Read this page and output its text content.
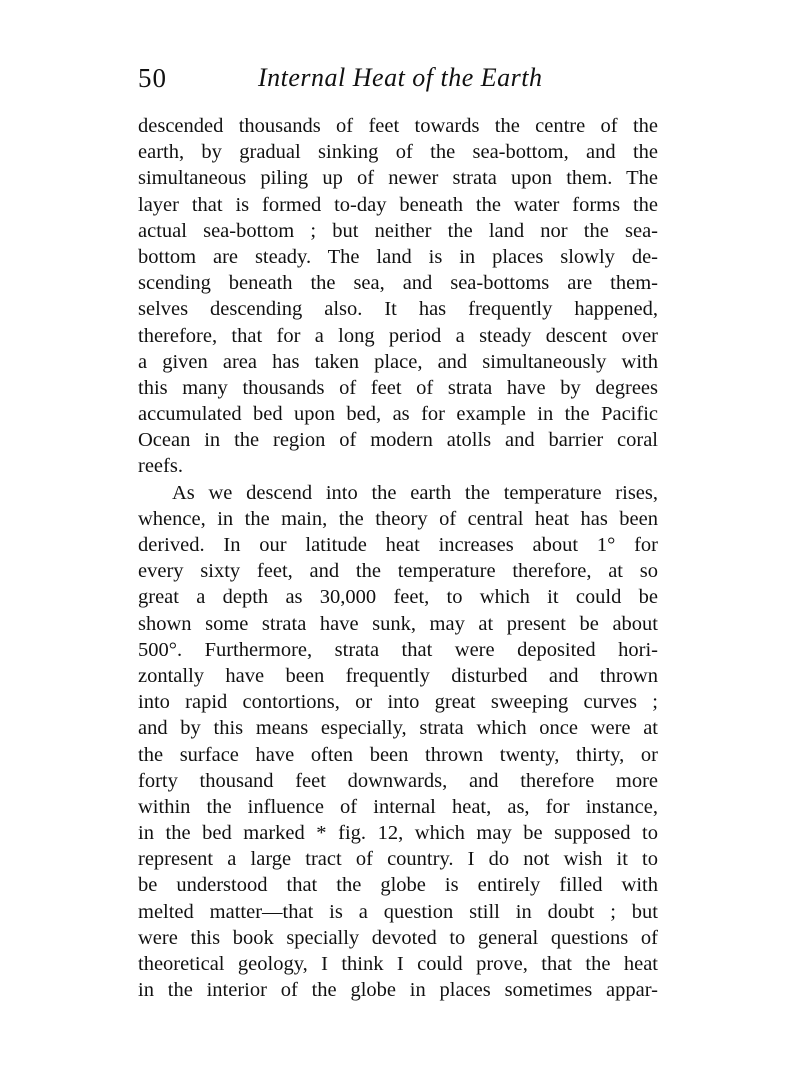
50	Internal Heat of the Earth
descended thousands of feet towards the centre of the
earth, by gradual sinking of the sea-bottom, and the
simultaneous piling up of newer strata upon them. The
layer that is formed to-day beneath the water forms the
actual sea-bottom ; but neither the land nor the sea-
bottom are steady. The land is in places slowly de-
scending beneath the sea, and sea-bottoms are them-
selves descending also. It has frequently happened,
therefore, that for a long period a steady descent over
a given area has taken place, and simultaneously with
this many thousands of feet of strata have by degrees
accumulated bed upon bed, as for example in the Pacific
Ocean in the region of modern atolls and barrier coral
reefs.
As we descend into the earth the temperature rises,
whence, in the main, the theory of central heat has been
derived. In our latitude heat increases about 1° for
every sixty feet, and the temperature therefore, at so
great a depth as 30,000 feet, to which it could be
shown some strata have sunk, may at present be about
500°. Furthermore, strata that were deposited hori-
zontally have been frequently disturbed and thrown
into rapid contortions, or into great sweeping curves ;
and by this means especially, strata which once were at
the surface have often been thrown twenty, thirty, or
forty thousand feet downwards, and therefore more
within the influence of internal heat, as, for instance,
in the bed marked * fig. 12, which may be supposed to
represent a large tract of country. I do not wish it to
be understood that the globe is entirely filled with
melted matter—that is a question still in doubt ; but
were this book specially devoted to general questions of
theoretical geology, I think I could prove, that the heat
in the interior of the globe in places sometimes appar-
